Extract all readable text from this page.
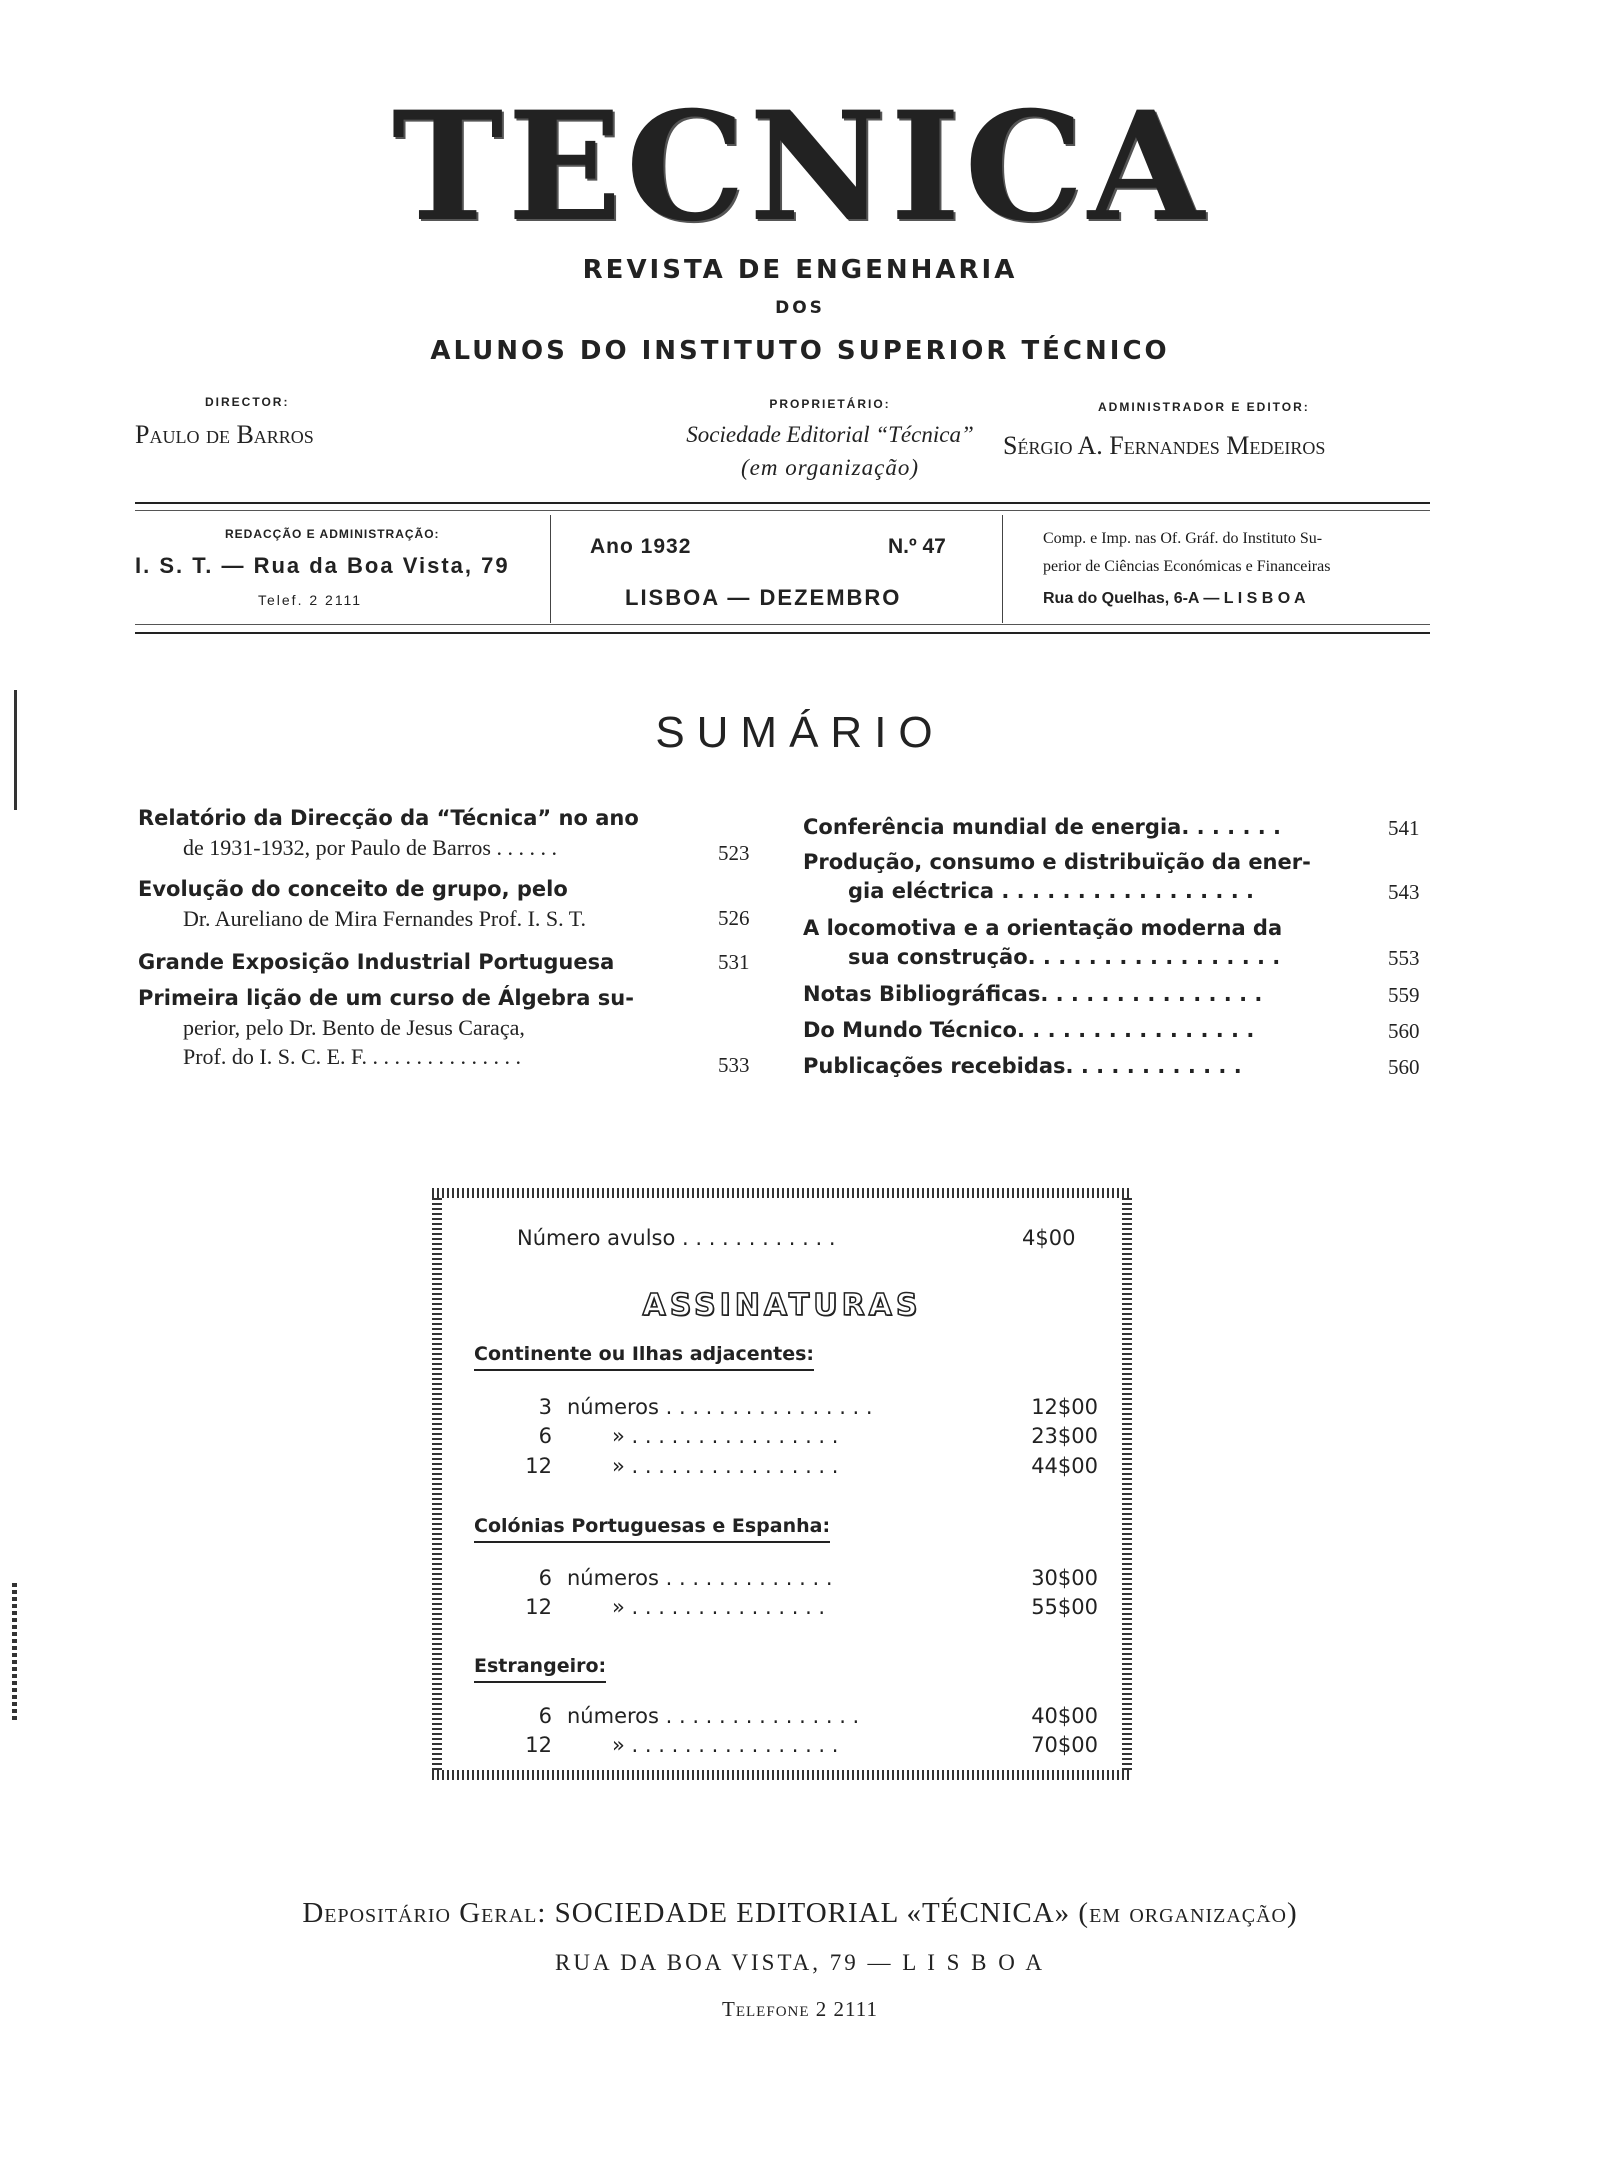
TECNICA
REVISTA DE ENGENHARIA
DOS
ALUNOS DO INSTITUTO SUPERIOR TÉCNICO
DIRECTOR:
Paulo de Barros
PROPRIETÁRIO:
Sociedade Editorial “Técnica”
(em organização)
ADMINISTRADOR E EDITOR:
Sérgio A. Fernandes Medeiros
REDACÇÃO E ADMINISTRAÇÃO:
I. S. T. — Rua da Boa Vista, 79
Telef. 2 2111
Ano 1932	N.º 47
LISBOA — DEZEMBRO
Comp. e Imp. nas Of. Gráf. do Instituto Su-
perior de Ciências Económicas e Financeiras
Rua do Quelhas, 6-A — L I S B O A
SUMÁRIO
Relatório da Direcção da “Técnica” no ano
de 1931-1932, por Paulo de Barros . . . . . .	523
Evolução do conceito de grupo, pelo
Dr. Aureliano de Mira Fernandes Prof. I. S. T.	526
Grande Exposição Industrial Portuguesa	531
Primeira lição de um curso de Álgebra su-
perior, pelo Dr. Bento de Jesus Caraça,
Prof. do I. S. C. E. F. . . . . . . . . . . . . . .	533
Conferência mundial de energia. . . . . . .	541
Produção, consumo e distribuïção da ener-
gia eléctrica . . . . . . . . . . . . . . . . .	543
A locomotiva e a orientação moderna da
sua construção. . . . . . . . . . . . . . . . .	553
Notas Bibliográficas. . . . . . . . . . . . . . .	559
Do Mundo Técnico. . . . . . . . . . . . . . . .	560
Publicações recebidas. . . . . . . . . . . .	560
Número avulso . . . . . . . . . . . .	4$00
ASSINATURAS
Continente ou Ilhas adjacentes:
3 números . . . . . . . . . . . . . . . .	12$00
6	» . . . . . . . . . . . . . . . .	23$00
12	» . . . . . . . . . . . . . . . .	44$00
Colónias Portuguesas e Espanha:
6 números . . . . . . . . . . . . .	30$00
12	» . . . . . . . . . . . . . . .	55$00
Estrangeiro:
6 números . . . . . . . . . . . . . . .	40$00
12	» . . . . . . . . . . . . . . . .	70$00
Depositário Geral: SOCIEDADE EDITORIAL «TÉCNICA» (em organização)
RUA DA BOA VISTA, 79 — L I S B O A
Telefone 2 2111
